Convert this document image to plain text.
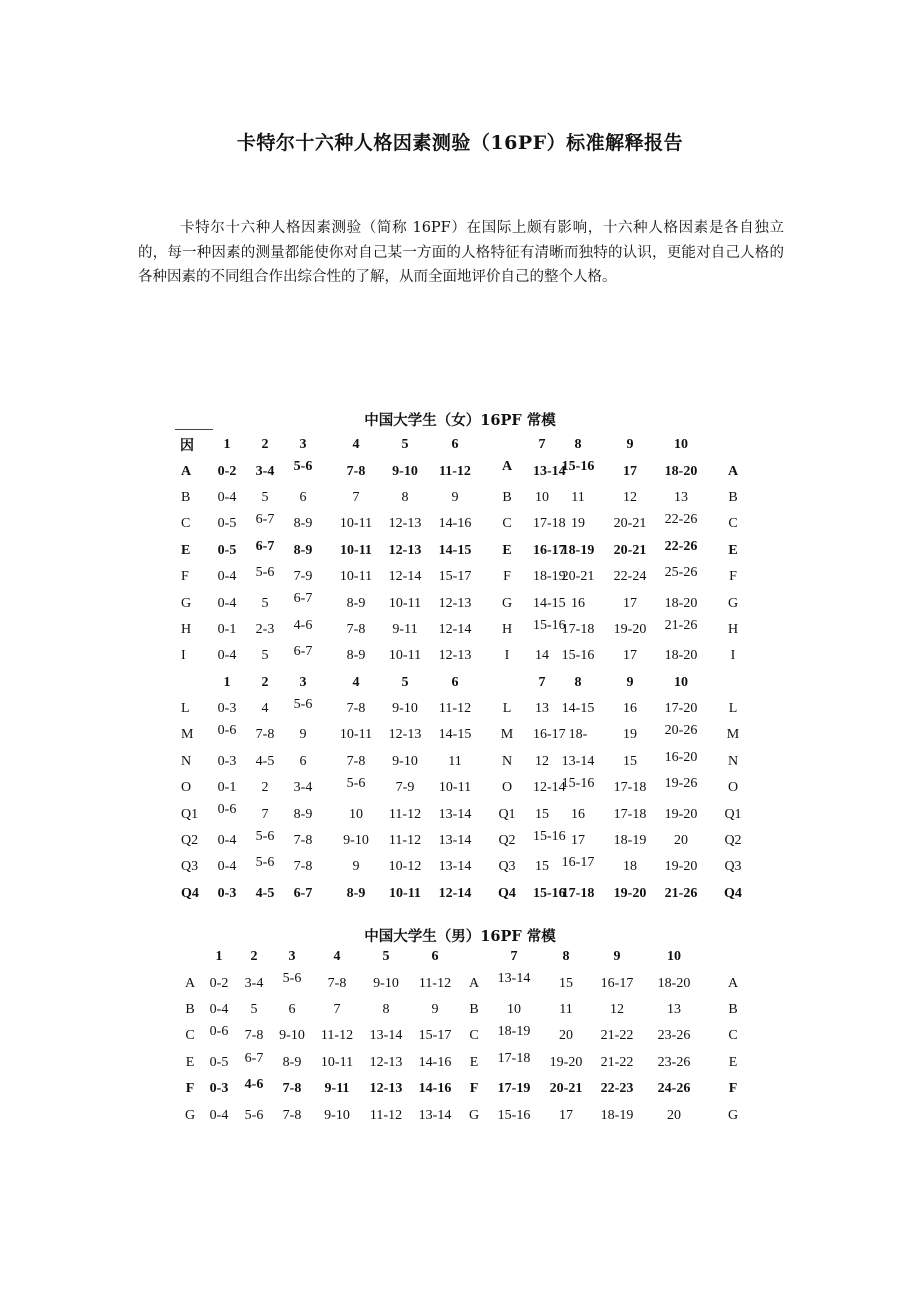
卡特尔十六种人格因素测验（16PF）标准解释报告
卡特尔十六种人格因素测验（简称 16PF）在国际上颇有影响，十六种人格因素是各自独立的，每一种因素的测量都能使你对自己某一方面的人格特征有清晰而独特的认识，更能对自己人格的各种因素的不同组合作出综合性的了解，从而全面地评价自己的整个人格。
中国大学生（女）16PF 常模
因	1	2	3	4	5	6		7	8	9	10	
A	0-2	3-4	5-6	7-8	9-10	11-12	A	13-14	15-16	17	18-20	A
B	0-4	5	6	7	8	9	B	10	11	12	13	B
C	0-5	6-7	8-9	10-11	12-13	14-16	C	17-18	19	20-21	22-26	C
E	0-5	6-7	8-9	10-11	12-13	14-15	E	16-17	18-19	20-21	22-26	E
F	0-4	5-6	7-9	10-11	12-14	15-17	F	18-19	20-21	22-24	25-26	F
G	0-4	5	6-7	8-9	10-11	12-13	G	14-15	16	17	18-20	G
H	0-1	2-3	4-6	7-8	9-11	12-14	H	15-16	17-18	19-20	21-26	H
I	0-4	5	6-7	8-9	10-11	12-13	I	14	15-16	17	18-20	I
	1	2	3	4	5	6		7	8	9	10	
L	0-3	4	5-6	7-8	9-10	11-12	L	13	14-15	16	17-20	L
M	0-6	7-8	9	10-11	12-13	14-15	M	16-17	18-	19	20-26	M
N	0-3	4-5	6	7-8	9-10	11	N	12	13-14	15	16-20	N
O	0-1	2	3-4	5-6	7-9	10-11	O	12-14	15-16	17-18	19-26	O
Q1	0-6	7	8-9	10	11-12	13-14	Q1	15	16	17-18	19-20	Q1
Q2	0-4	5-6	7-8	9-10	11-12	13-14	Q2	15-16	17	18-19	20	Q2
Q3	0-4	5-6	7-8	9	10-12	13-14	Q3	15	16-17	18	19-20	Q3
Q4	0-3	4-5	6-7	8-9	10-11	12-14	Q4	15-16	17-18	19-20	21-26	Q4
中国大学生（男）16PF 常模
	1	2	3	4	5	6		7	8	9	10	
A	0-2	3-4	5-6	7-8	9-10	11-12	A	13-14	15	16-17	18-20	A
B	0-4	5	6	7	8	9	B	10	11	12	13	B
C	0-6	7-8	9-10	11-12	13-14	15-17	C	18-19	20	21-22	23-26	C
E	0-5	6-7	8-9	10-11	12-13	14-16	E	17-18	19-20	21-22	23-26	E
F	0-3	4-6	7-8	9-11	12-13	14-16	F	17-19	20-21	22-23	24-26	F
G	0-4	5-6	7-8	9-10	11-12	13-14	G	15-16	17	18-19	20	G
